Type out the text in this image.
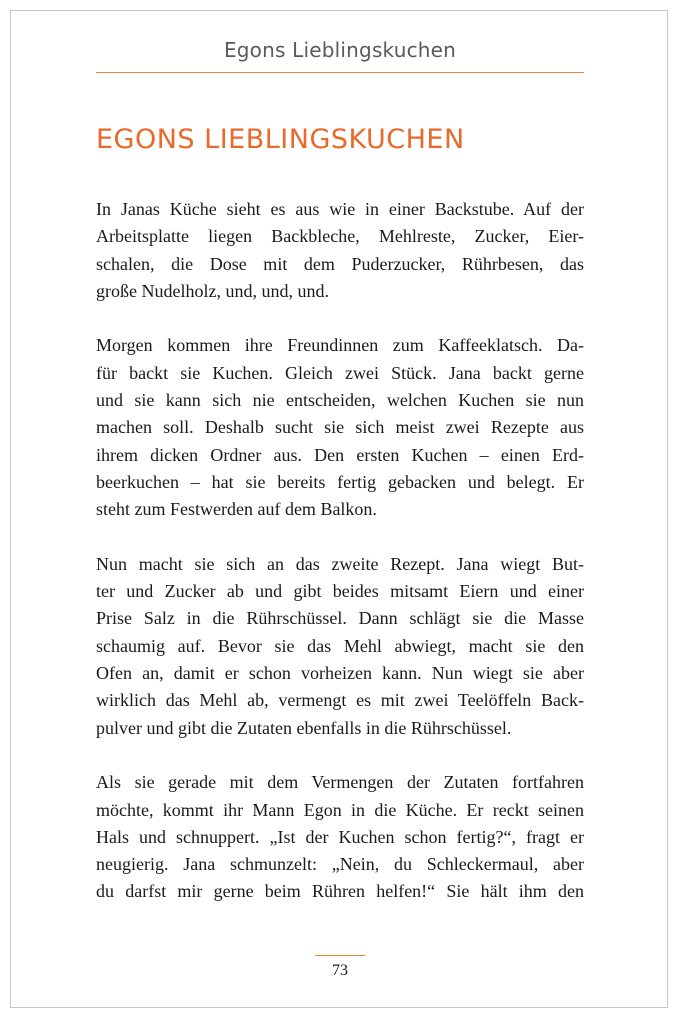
Egons Lieblingskuchen
EGONS LIEBLINGSKUCHEN

In Janas Küche sieht es aus wie in einer Backstube. Auf der
Arbeitsplatte liegen Backbleche, Mehlreste, Zucker, Eier-
schalen, die Dose mit dem Puderzucker, Rührbesen, das
große Nudelholz, und, und, und.

Morgen kommen ihre Freundinnen zum Kaffeeklatsch. Da-
für backt sie Kuchen. Gleich zwei Stück. Jana backt gerne
und sie kann sich nie entscheiden, welchen Kuchen sie nun
machen soll. Deshalb sucht sie sich meist zwei Rezepte aus
ihrem dicken Ordner aus. Den ersten Kuchen – einen Erd-
beerkuchen – hat sie bereits fertig gebacken und belegt. Er
steht zum Festwerden auf dem Balkon.

Nun macht sie sich an das zweite Rezept. Jana wiegt But-
ter und Zucker ab und gibt beides mitsamt Eiern und einer
Prise Salz in die Rührschüssel. Dann schlägt sie die Masse
schaumig auf. Bevor sie das Mehl abwiegt, macht sie den
Ofen an, damit er schon vorheizen kann. Nun wiegt sie aber
wirklich das Mehl ab, vermengt es mit zwei Teelöffeln Back-
pulver und gibt die Zutaten ebenfalls in die Rührschüssel.

Als sie gerade mit dem Vermengen der Zutaten fortfahren
möchte, kommt ihr Mann Egon in die Küche. Er reckt seinen
Hals und schnuppert. „Ist der Kuchen schon fertig?“, fragt er
neugierig. Jana schmunzelt: „Nein, du Schleckermaul, aber
du darfst mir gerne beim Rühren helfen!“ Sie hält ihm den

73
